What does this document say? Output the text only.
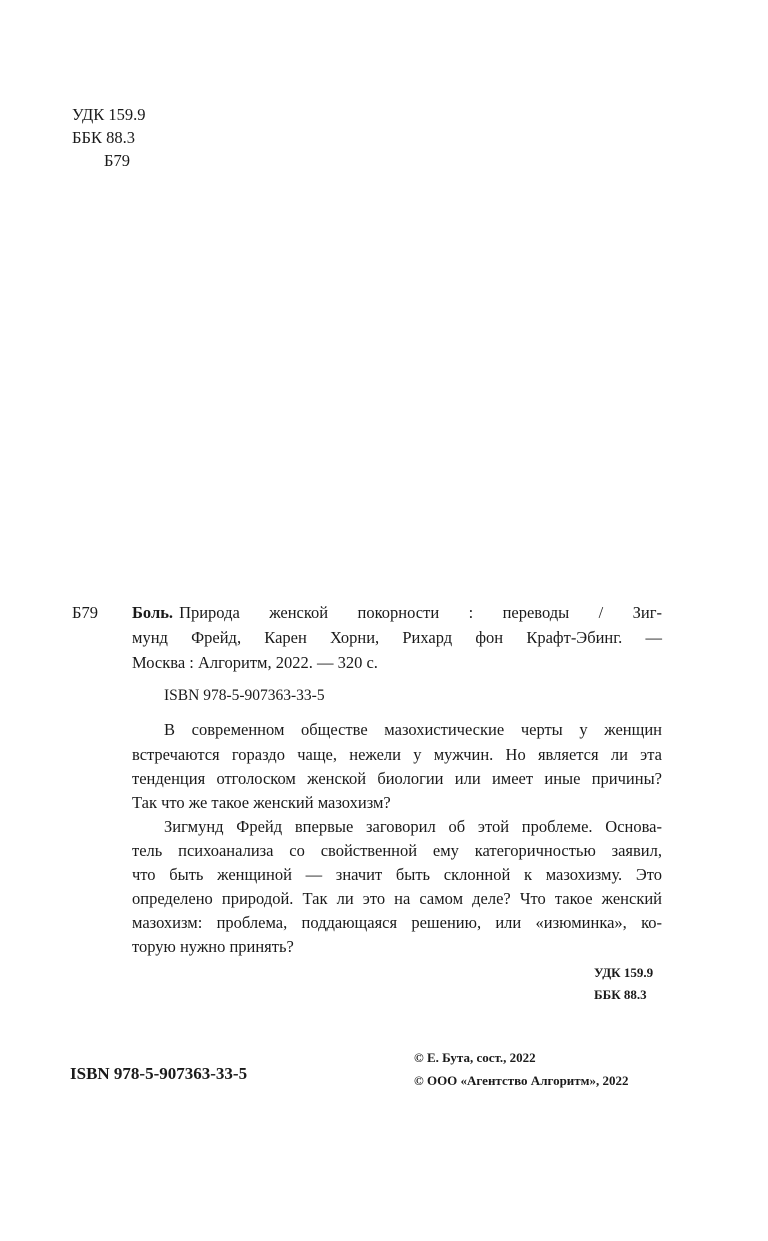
УДК 159.9
ББК 88.3
Б79
Б79 Боль. Природа женской покорности : переводы / Зиг-
мунд Фрейд, Карен Хорни, Рихард фон Крафт-Эбинг. —
Москва : Алгоритм, 2022. — 320 с.
ISBN 978-5-907363-33-5
В современном обществе мазохистические черты у женщин
встречаются гораздо чаще, нежели у мужчин. Но является ли эта
тенденция отголоском женской биологии или имеет иные причины?
Так что же такое женский мазохизм?
Зигмунд Фрейд впервые заговорил об этой проблеме. Основа-
тель психоанализа со свойственной ему категоричностью заявил,
что быть женщиной — значит быть склонной к мазохизму. Это
определено природой. Так ли это на самом деле? Что такое женский
мазохизм: проблема, поддающаяся решению, или «изюминка», ко-
торую нужно принять?
УДК 159.9
ББК 88.3
ISBN 978-5-907363-33-5
© Е. Бута, сост., 2022
© ООО «Агентство Алгоритм», 2022
